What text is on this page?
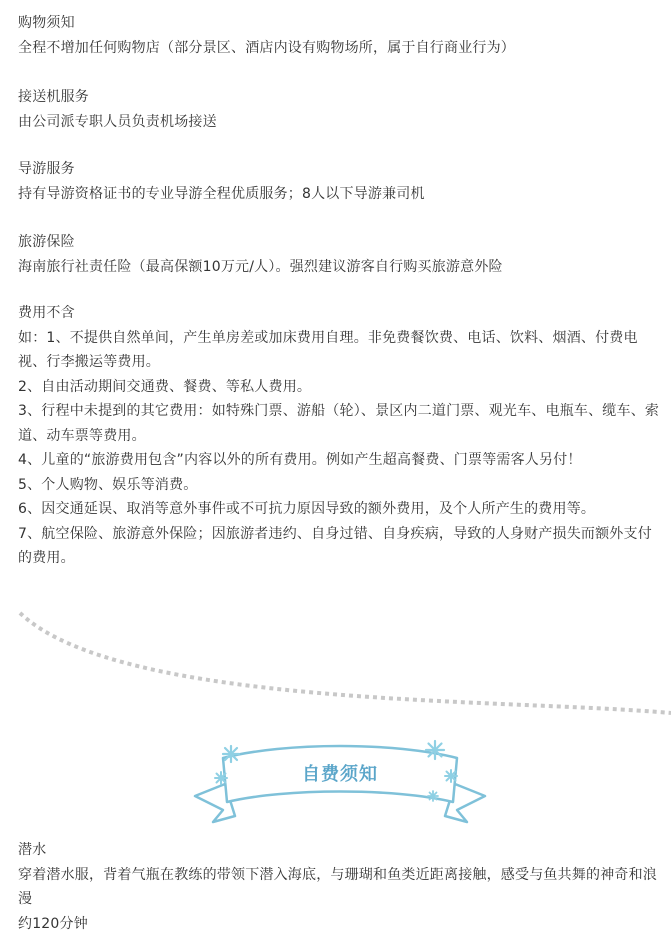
购物须知

全程不增加任何购物店（部分景区、酒店内设有购物场所，属于自行商业行为）

接送机服务

由公司派专职人员负责机场接送

导游服务

持有导游资格证书的专业导游全程优质服务；8人以下导游兼司机

旅游保险

海南旅行社责任险（最高保额10万元/人）。强烈建议游客自行购买旅游意外险

费用不含

如：1、不提供自然单间，产生单房差或加床费用自理。非免费餐饮费、电话、饮料、烟酒、付费电视、行李搬运等费用。

2、自由活动期间交通费、餐费、等私人费用。

3、行程中未提到的其它费用：如特殊门票、游船（轮）、景区内二道门票、观光车、电瓶车、缆车、索道、动车票等费用。

4、儿童的“旅游费用包含”内容以外的所有费用。例如产生超高餐费、门票等需客人另付！

5、个人购物、娱乐等消费。

6、因交通延误、取消等意外事件或不可抗力原因导致的额外费用，及个人所产生的费用等。

7、航空保险、旅游意外保险；因旅游者违约、自身过错、自身疾病，导致的人身财产损失而额外支付的费用。

自费须知

潜水

穿着潜水服，背着气瓶在教练的带领下潜入海底，与珊瑚和鱼类近距离接触，感受与鱼共舞的神奇和浪漫

约120分钟
